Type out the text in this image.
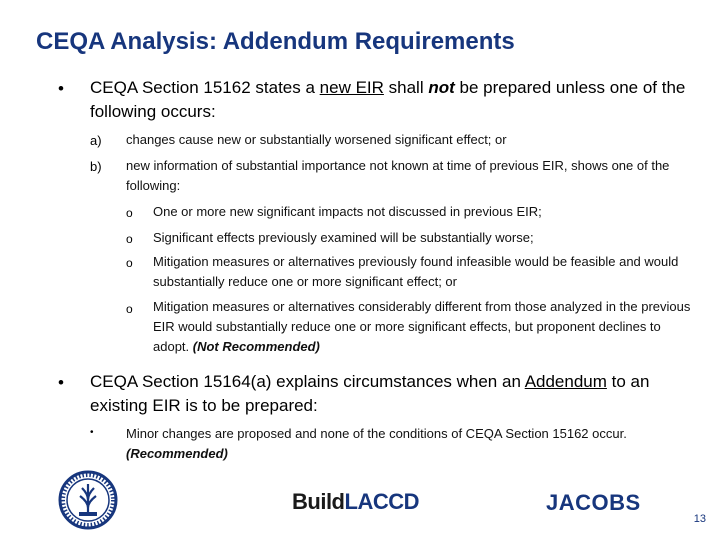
CEQA Analysis: Addendum Requirements
• CEQA Section 15162 states a new EIR shall not be prepared unless one of the following occurs:
a) changes cause new or substantially worsened significant effect; or
b) new information of substantial importance not known at time of previous EIR, shows one of the following:
o One or more new significant impacts not discussed in previous EIR;
o Significant effects previously examined will be substantially worse;
o Mitigation measures or alternatives previously found infeasible would be feasible and would substantially reduce one or more significant effect; or
o Mitigation measures or alternatives considerably different from those analyzed in the previous EIR would substantially reduce one or more significant effects, but proponent declines to adopt. (Not Recommended)
• CEQA Section 15164(a) explains circumstances when an Addendum to an existing EIR is to be prepared:
• Minor changes are proposed and none of the conditions of CEQA Section 15162 occur.
(Recommended)
BuildLACCD	JACOBS
13
